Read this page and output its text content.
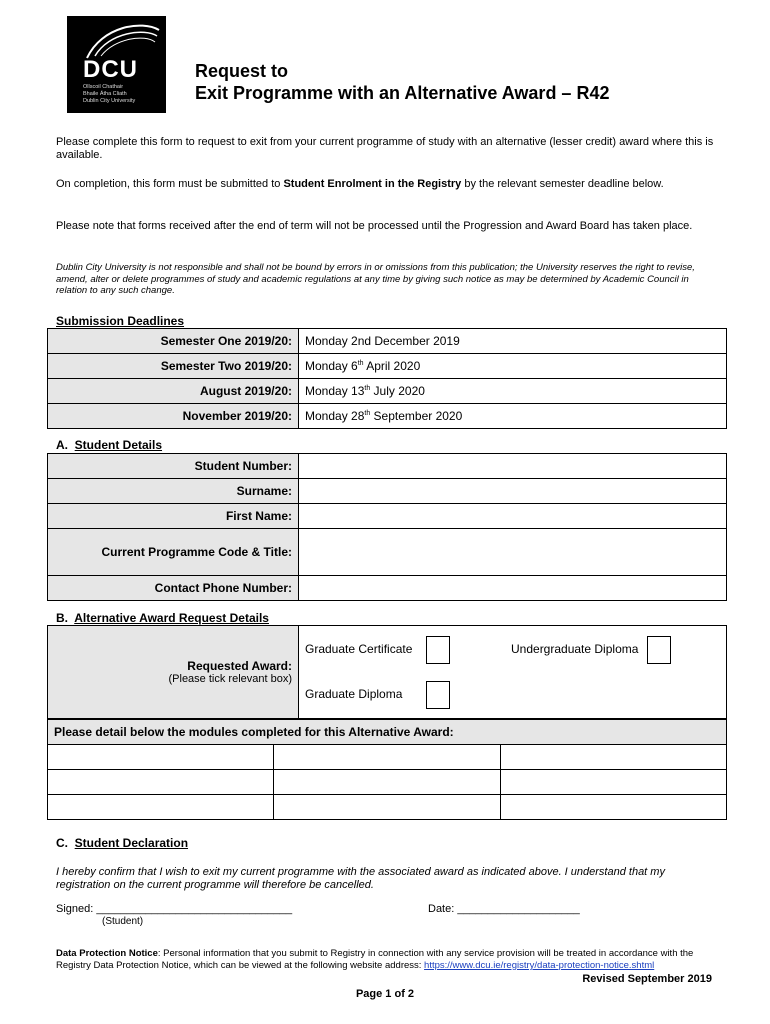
DCU
Ollscoil Chathair
Bhaile Átha Cliath
Dublin City University
Request to
Exit Programme with an Alternative Award – R42
Please complete this form to request to exit from your current programme of study with an alternative (lesser credit) award where this is available.
On completion, this form must be submitted to Student Enrolment in the Registry by the relevant semester deadline below.
Please note that forms received after the end of term will not be processed until the Progression and Award Board has taken place.
Dublin City University is not responsible and shall not be bound by errors in or omissions from this publication; the University reserves the right to revise, amend, alter or delete programmes of study and academic regulations at any time by giving such notice as may be determined by Academic Council in relation to any such change.
Submission Deadlines
Semester One 2019/20:	Monday 2nd December 2019
Semester Two 2019/20:	Monday 6th April 2020
August 2019/20:	Monday 13th July 2020
November 2019/20:	Monday 28th September 2020
A. Student Details
Student Number:	
Surname:	
First Name:	
Current Programme Code & Title:	
Contact Phone Number:	
B. Alternative Award Request Details
Requested Award:
(Please tick relevant box)

Graduate Certificate	Undergraduate Diploma
Graduate Diploma
Please detail below the modules completed for this Alternative Award:		

C. Student Declaration
I hereby confirm that I wish to exit my current programme with the associated award as indicated above. I understand that my registration on the current programme will therefore be cancelled.
Signed: ________________________________
(Student)
Date: ____________________
Data Protection Notice: Personal information that you submit to Registry in connection with any service provision will be treated in accordance with the Registry Data Protection Notice, which can be viewed at the following website address: https://www.dcu.ie/registry/data-protection-notice.shtml
Revised September 2019
Page 1 of 2
